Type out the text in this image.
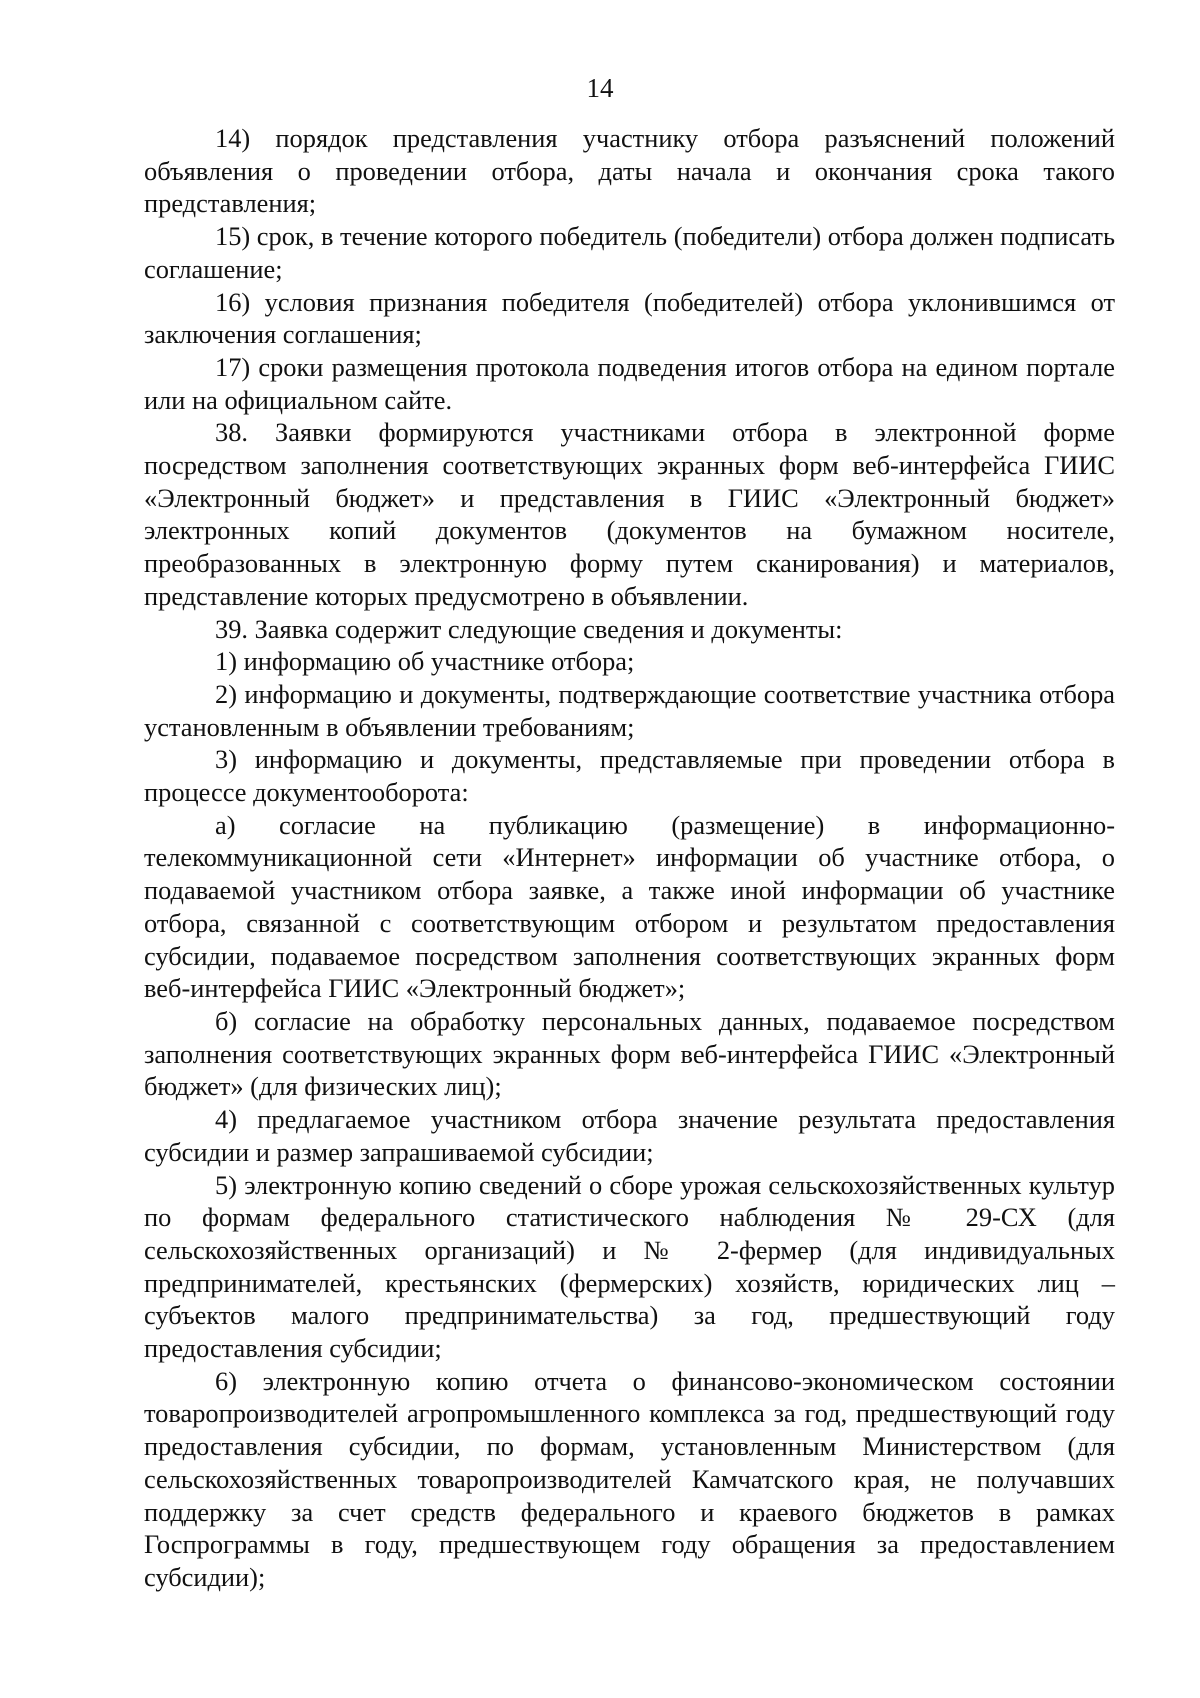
14

14) порядок представления участнику отбора разъяснений положений объявления о проведении отбора, даты начала и окончания срока такого представления;

15) срок, в течение которого победитель (победители) отбора должен подписать соглашение;

16) условия признания победителя (победителей) отбора уклонившимся от заключения соглашения;

17) сроки размещения протокола подведения итогов отбора на едином портале или на официальном сайте.

38. Заявки формируются участниками отбора в электронной форме посредством заполнения соответствующих экранных форм веб-интерфейса ГИИС «Электронный бюджет» и представления в ГИИС «Электронный бюджет» электронных копий документов (документов на бумажном носителе, преобразованных в электронную форму путем сканирования) и материалов, представление которых предусмотрено в объявлении.

39. Заявка содержит следующие сведения и документы:

1) информацию об участнике отбора;

2) информацию и документы, подтверждающие соответствие участника отбора установленным в объявлении требованиям;

3) информацию и документы, представляемые при проведении отбора в процессе документооборота:

а) согласие на публикацию (размещение) в информационно-телекоммуникационной сети «Интернет» информации об участнике отбора, о подаваемой участником отбора заявке, а также иной информации об участнике отбора, связанной с соответствующим отбором и результатом предоставления субсидии, подаваемое посредством заполнения соответствующих экранных форм веб-интерфейса ГИИС «Электронный бюджет»;

б) согласие на обработку персональных данных, подаваемое посредством заполнения соответствующих экранных форм веб-интерфейса ГИИС «Электронный бюджет» (для физических лиц);

4) предлагаемое участником отбора значение результата предоставления субсидии и размер запрашиваемой субсидии;

5) электронную копию сведений о сборе урожая сельскохозяйственных культур по формам федерального статистического наблюдения № 29-СХ (для сельскохозяйственных организаций) и № 2-фермер (для индивидуальных предпринимателей, крестьянских (фермерских) хозяйств, юридических лиц – субъектов малого предпринимательства) за год, предшествующий году предоставления субсидии;

6) электронную копию отчета о финансово-экономическом состоянии товаропроизводителей агропромышленного комплекса за год, предшествующий году предоставления субсидии, по формам, установленным Министерством (для сельскохозяйственных товаропроизводителей Камчатского края, не получавших поддержку за счет средств федерального и краевого бюджетов в рамках Госпрограммы в году, предшествующем году обращения за предоставлением субсидии);
